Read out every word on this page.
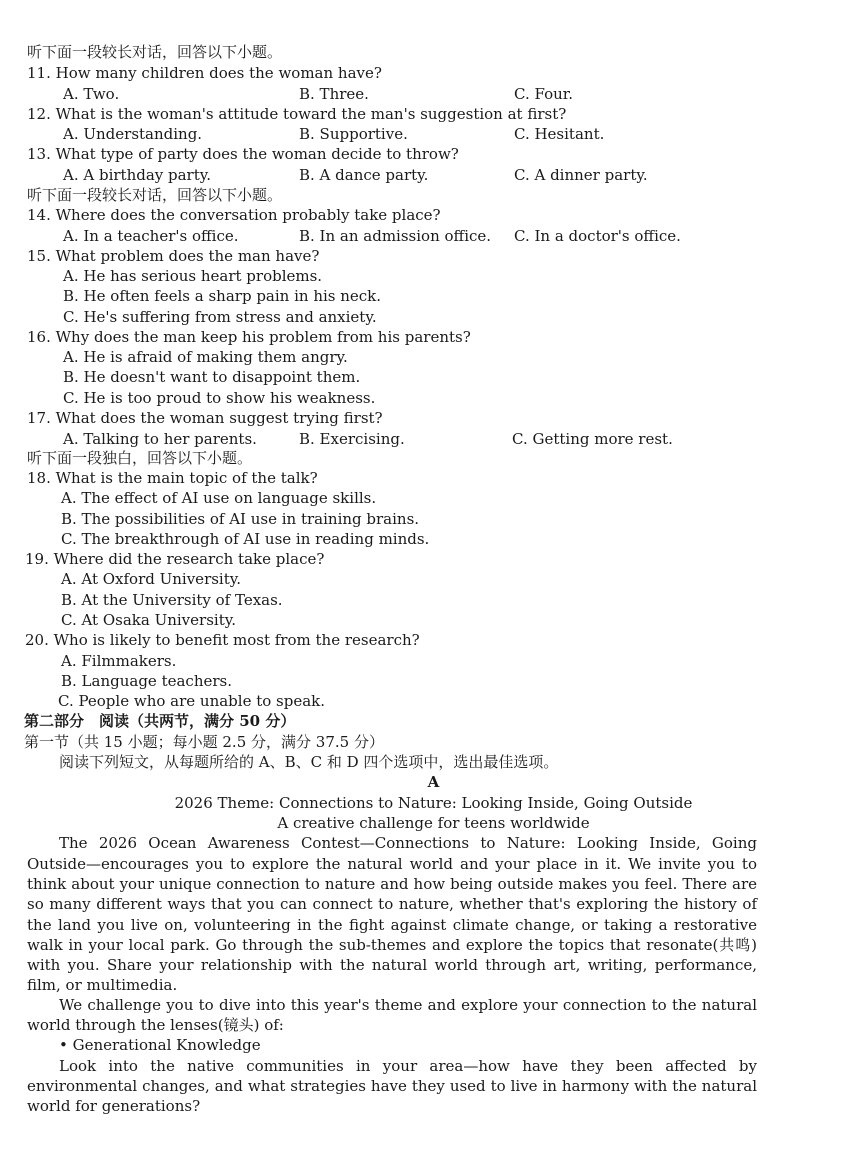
听下面一段较长对话，回答以下小题。
11. How many children does the woman have?
A. Two.	B. Three.	C. Four.
12. What is the woman's attitude toward the man's suggestion at first?
A. Understanding.	B. Supportive.	C. Hesitant.
13. What type of party does the woman decide to throw?
A. A birthday party.	B. A dance party.	C. A dinner party.
听下面一段较长对话，回答以下小题。
14. Where does the conversation probably take place?
A. In a teacher's office.	B. In an admission office. C. In a doctor's office.
15. What problem does the man have?
A. He has serious heart problems.
B. He often feels a sharp pain in his neck.
C. He's suffering from stress and anxiety.
16. Why does the man keep his problem from his parents?
A. He is afraid of making them angry.
B. He doesn't want to disappoint them.
C. He is too proud to show his weakness.
17. What does the woman suggest trying first?
A. Talking to her parents.	B. Exercising.	C. Getting more rest.
听下面一段独白，回答以下小题。
18. What is the main topic of the talk?
A. The effect of AI use on language skills.
B. The possibilities of AI use in training brains.
C. The breakthrough of AI use in reading minds.
19. Where did the research take place?
A. At Oxford University.
B. At the University of Texas.
C. At Osaka University.
20. Who is likely to benefit most from the research?
A. Filmmakers.
B. Language teachers.
C. People who are unable to speak.
第二部分　阅读（共两节，满分 50 分）
第一节（共 15 小题；每小题 2.5 分，满分 37.5 分）
阅读下列短文，从每题所给的 A、B、C 和 D 四个选项中，选出最佳选项。
A
2026 Theme: Connections to Nature: Looking Inside, Going Outside
A creative challenge for teens worldwide
The 2026 Ocean Awareness Contest—Connections to Nature: Looking Inside, Going
Outside—encourages you to explore the natural world and your place in it. We invite you to
think about your unique connection to nature and how being outside makes you feel. There are
so many different ways that you can connect to nature, whether that's exploring the history of
the land you live on, volunteering in the fight against climate change, or taking a restorative
walk in your local park. Go through the sub-themes and explore the topics that resonate(共鸣)
with you. Share your relationship with the natural world through art, writing, performance,
film, or multimedia.
We challenge you to dive into this year's theme and explore your connection to the natural
world through the lenses(镜头) of:
• Generational Knowledge
Look into the native communities in your area—how have they been affected by
environmental changes, and what strategies have they used to live in harmony with the natural
world for generations?
